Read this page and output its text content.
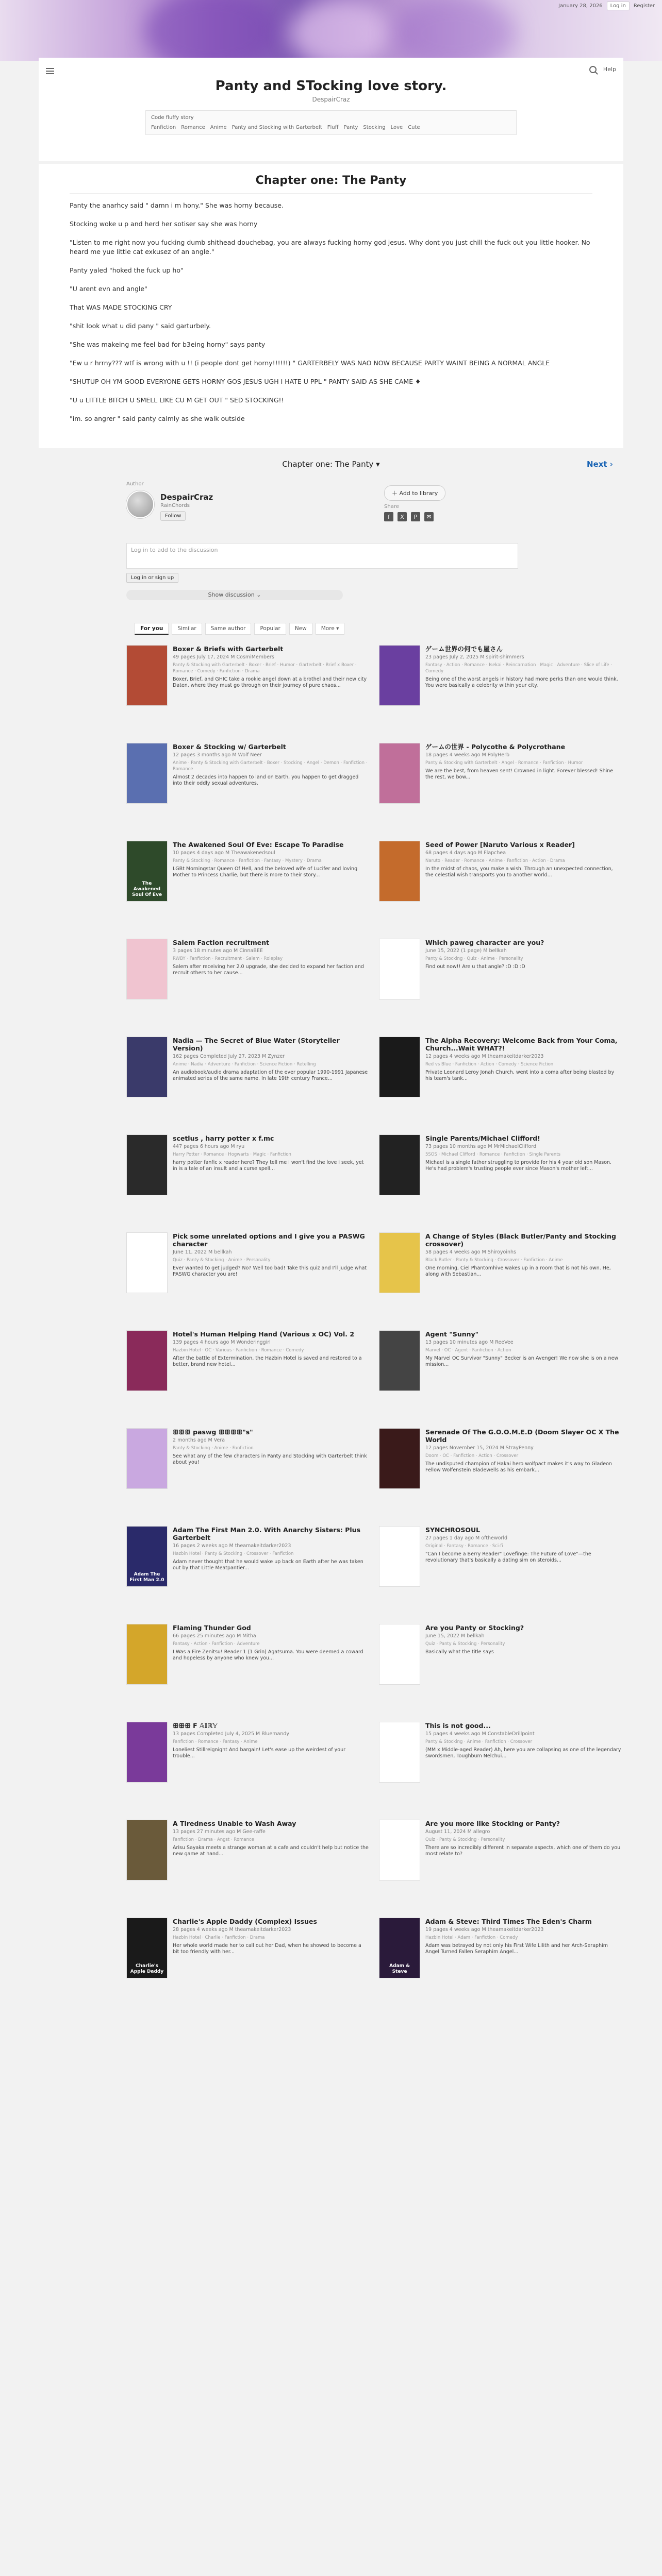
January 28, 2026	Log in	Register
Help
Panty and STocking love story.
DespairCraz
Code fluffy story
Fanfiction Romance Anime Panty and Stocking with Garterbelt Fluff Panty Stocking Love Cute
Chapter one: The Panty

Panty the anarhcy said " damn i m hony." She was horny because.

Stocking woke u p and herd her sotiser say she was horny

"Listen to me right now you fucking dumb shithead douchebag, you are always fucking horny god jesus. Why dont you just chill the fuck out you little hooker. No heard me yue little cat exkusez of an angle."

Panty yaled "hoked the fuck up ho"

"U arent evn and angle"

That WAS MADE STOCKING CRY

"shit look what u did pany " said garturbely.

"She was makeing me feel bad for b3eing horny" says panty

"Ew u r hrrny??? wtf is wrong with u !! (i people dont get horny!!!!!!) " GARTERBELY WAS NAO NOW BECAUSE PARTY WAINT BEING A NORMAL ANGLE

"SHUTUP OH YM GOOD EVERYONE GETS HORNY GOS JESUS UGH I HATE U PPL " PANTY SAID AS SHE CAME ♦

"U u LITTLE BITCH U SMELL LIKE CU M GET OUT " SED STOCKING!!

"im. so angrer " said panty calmly as she walk outside

Chapter one: The Panty ▾	Next ›
Author
DespairCraz
RainChords
Follow
＋ Add to library
Share
f	X	P	✉
Log in to add to the discussion
Log in or sign up
Show discussion ⌄
For you	Similar	Same author	Popular	New	More ▾
Boxer & Briefs with Garterbelt
49 pages July 17, 2024 M CosmiMembers
Panty & Stocking with Garterbelt · Boxer · Brief · Humor · Garterbelt · Brief x Boxer · Romance · Comedy · Fanfiction · Drama
Boxer, Brief, and GHIC take a rookie angel down at a brothel and their new city Daten, where they must go through on their journey of pure chaos...
ゲーム世界の何でも屋さん
23 pages July 2, 2025 M spirit-shimmers
Fantasy · Action · Romance · Isekai · Reincarnation · Magic · Adventure · Slice of Life · Comedy
Being one of the worst angels in history had more perks than one would think. You were basically a celebrity within your city.
Boxer & Stocking w/ Garterbelt
12 pages 3 months ago M Wolf Neer
Anime · Panty & Stocking with Garterbelt · Boxer · Stocking · Angel · Demon · Fanfiction · Romance
Almost 2 decades into happen to land on Earth, you happen to get dragged into their oddly sexual adventures.
ゲームの世界 - Polycothe & Polycrothane
18 pages 4 weeks ago M PolyHerb
Panty & Stocking with Garterbelt · Angel · Romance · Fanfiction · Humor
We are the best, from heaven sent! Crowned in light. Forever blessed! Shine the rest, we bow...
The Awakened Soul Of Eve
The Awakened Soul Of Eve: Escape To Paradise
10 pages 4 days ago M Theawakenedsoul
Panty & Stocking · Romance · Fanfiction · Fantasy · Mystery · Drama
LGBt Morningstar Queen Of Hell, and the beloved wife of Lucifer and loving Mother to Princess Charlie, but there is more to their story...
Seed of Power [Naruto Various x Reader]
68 pages 4 days ago M Flapchea
Naruto · Reader · Romance · Anime · Fanfiction · Action · Drama
In the midst of chaos, you make a wish. Through an unexpected connection, the celestial wish transports you to another world...
Salem Faction recruitment
3 pages 18 minutes ago M CinnaBEE
RWBY · Fanfiction · Recruitment · Salem · Roleplay
Salem after receiving her 2.0 upgrade, she decided to expand her faction and recruit others to her cause...
Which paweg character are you?
June 15, 2022 (1 page) M bellkah
Panty & Stocking · Quiz · Anime · Personality
Find out now!! Are u that angle? :D :D :D
Nadia — The Secret of Blue Water (Storyteller Version)
162 pages Completed July 27, 2023 M Zynzer
Anime · Nadia · Adventure · Fanfiction · Science Fiction · Retelling
An audiobook/audio drama adaptation of the ever popular 1990-1991 Japanese animated series of the same name. In late 19th century France...
The Alpha Recovery: Welcome Back from Your Coma, Church...Wait WHAT?!
12 pages 4 weeks ago M theamakeitdarker2023
Red vs Blue · Fanfiction · Action · Comedy · Science Fiction
Private Leonard Leroy Jonah Church, went into a coma after being blasted by his team's tank...
scetlus , harry potter x f.mc
447 pages 6 hours ago M ryu
Harry Potter · Romance · Hogwarts · Magic · Fanfiction
harry potter fanfic x reader here? They tell me i won't find the love i seek, yet in is a tale of an insult and a curse spell...
Single Parents/Michael Clifford!
73 pages 10 months ago M MrMichaelClifford
5SOS · Michael Clifford · Romance · Fanfiction · Single Parents
Michael is a single father struggling to provide for his 4 year old son Mason. He's had problem's trusting people ever since Mason's mother left...
Pick some unrelated options and I give you a PASWG character
June 11, 2022 M bellkah
Quiz · Panty & Stocking · Anime · Personality
Ever wanted to get judged? No? Well too bad! Take this quiz and I'll judge what PASWG character you are!
A Change of Styles (Black Butler/Panty and Stocking crossover)
58 pages 4 weeks ago M Shiroyoinhs
Black Butler · Panty & Stocking · Crossover · Fanfiction · Anime
One morning, Ciel Phantomhive wakes up in a room that is not his own. He, along with Sebastian...
Hotel's Human Helping Hand (Various x OC) Vol. 2
139 pages 4 hours ago M Wonderinggirl
Hazbin Hotel · OC · Various · Fanfiction · Romance · Comedy
After the battle of Extermination, the Hazbin Hotel is saved and restored to a better, brand new hotel...
Agent "Sunny"
13 pages 10 minutes ago M ReeVee
Marvel · OC · Agent · Fanfiction · Action
My Marvel OC Survivor "Sunny" Becker is an Avenger! We now she is on a new mission...
ꕥꕥꕥ paswg ꕥꕥꕥꕥ"s"
2 months ago M Vera
Panty & Stocking · Anime · Fanfiction
See what any of the few characters in Panty and Stocking with Garterbelt think about you!
Serenade Of The G.O.O.M.E.D (Doom Slayer OC X The World
12 pages November 15, 2024 M StrayPenny
Doom · OC · Fanfiction · Action · Crossover
The undisputed champion of Hakai hero wolfpact makes it's way to Gladeon Fellow Wolfenstein Bladewells as his embark...
Adam The First Man 2.0
Adam The First Man 2.0. With Anarchy Sisters: Plus Garterbelt
16 pages 2 weeks ago M theamakeitdarker2023
Hazbin Hotel · Panty & Stocking · Crossover · Fanfiction
Adam never thought that he would wake up back on Earth after he was taken out by that Little Meatpantier...
SYNCHROSOUL
27 pages 1 day ago M oftheworld
Original · Fantasy · Romance · Sci-fi
"Can I become a Berry Reader" Lovefinge: The Future of Love"—the revolutionary that's basically a dating sim on steroids...
Flaming Thunder God
66 pages 25 minutes ago M Mitha
Fantasy · Action · Fanfiction · Adventure
I Was a Fire Zenitsu! Reader 1 (1 Grin) Agatsuma. You were deemed a coward and hopeless by anyone who knew you...
Are you Panty or Stocking?
June 15, 2022 M bellkah
Quiz · Panty & Stocking · Personality
Basically what the title says
ꕥꕥꕥ F 𝔸𝕀ℝ𝕐
13 pages Completed July 4, 2025 M Bluemandy
Fanfiction · Romance · Fantasy · Anime
Loneliest Stillreignight And bargain! Let's ease up the weirdest of your trouble...
This is not good...
15 pages 4 weeks ago M ConstableDrillpoint
Panty & Stocking · Anime · Fanfiction · Crossover
(MM x Middle-aged Reader) Ah, here you are collapsing as one of the legendary swordsmen, Toughbum Nelchui...
A Tiredness Unable to Wash Away
13 pages 27 minutes ago M Gee-raffe
Fanfiction · Drama · Angst · Romance
Arisu Sayaka meets a strange woman at a cafe and couldn't help but notice the new game at hand...
Are you more like Stocking or Panty?
August 11, 2024 M allegro
Quiz · Panty & Stocking · Personality
There are so incredibly different in separate aspects, which one of them do you most relate to?
Charlie's Apple Daddy
Charlie's Apple Daddy (Complex) Issues
28 pages 4 weeks ago M theamakeitdarker2023
Hazbin Hotel · Charlie · Fanfiction · Drama
Her whole world made her to call out her Dad, when he showed to become a bit too friendly with her...
Adam & Steve
Adam & Steve: Third Times The Eden's Charm
19 pages 4 weeks ago M theamakeitdarker2023
Hazbin Hotel · Adam · Fanfiction · Comedy
Adam was betrayed by not only his First Wife Lilith and her Arch-Seraphim Angel Turned Fallen Seraphim Angel...
